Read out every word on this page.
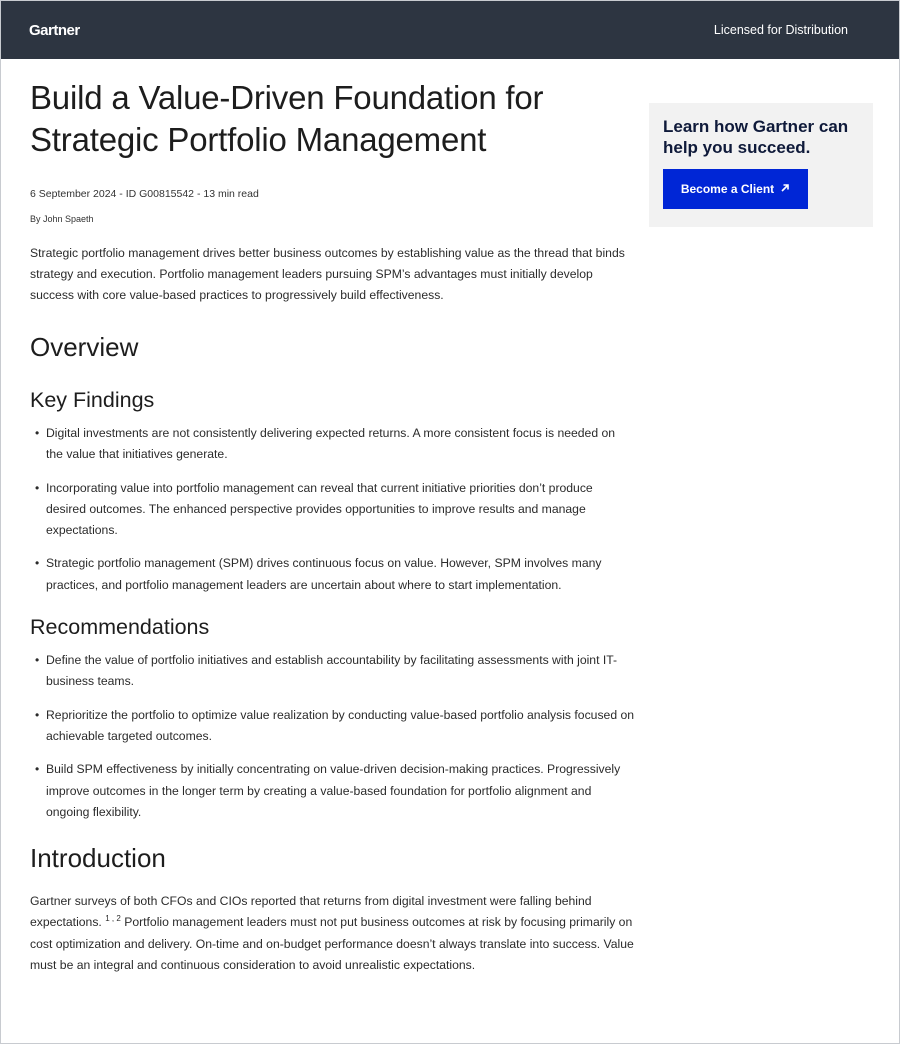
Gartner	Licensed for Distribution
Build a Value-Driven Foundation for
Strategic Portfolio Management
6 September 2024 - ID G00815542 - 13 min read
By John Spaeth

Strategic portfolio management drives better business outcomes by establishing value as the thread that binds strategy and execution. Portfolio management leaders pursuing SPM’s advantages must initially develop success with core value-based practices to progressively build effectiveness.

Overview
Key Findings
• Digital investments are not consistently delivering expected returns. A more consistent focus is needed on the value that initiatives generate.
• Incorporating value into portfolio management can reveal that current initiative priorities don’t produce desired outcomes. The enhanced perspective provides opportunities to improve results and manage expectations.
• Strategic portfolio management (SPM) drives continuous focus on value. However, SPM involves many practices, and portfolio management leaders are uncertain about where to start implementation.
Recommendations
• Define the value of portfolio initiatives and establish accountability by facilitating assessments with joint IT-business teams.
• Reprioritize the portfolio to optimize value realization by conducting value-based portfolio analysis focused on achievable targeted outcomes.
• Build SPM effectiveness by initially concentrating on value-driven decision-making practices. Progressively improve outcomes in the longer term by creating a value-based foundation for portfolio alignment and ongoing flexibility.
Introduction

Gartner surveys of both CFOs and CIOs reported that returns from digital investment were falling behind expectations. $^{1 , 2}$ Portfolio management leaders must not put business outcomes at risk by focusing primarily on cost optimization and delivery. On-time and on-budget performance doesn’t always translate into success. Value must be an integral and continuous consideration to avoid unrealistic expectations.

Learn how Gartner can help you succeed.
Become a Client
